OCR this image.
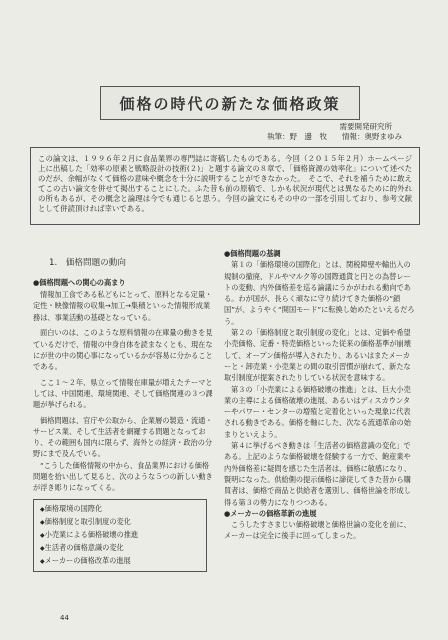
価格の時代の新たな価格政策
需要開発研究所
執筆：野　邊　牧　　情報：奥野まゆみ
この論文は、１９９６年２月に食品業界の専門誌に寄稿したものである。今回（２０１５年２月）ホームページ上に出稿した「効率の原素と戦略設計の技術(２)」と題する論文の８章で、「価格資源の効率化」について述べたのだが、余幅がなくて価格の意味や概念を十分に説明することができなかった。　そこで、それを補うために敢えてこの古い論文を併せて掲出することにした。ふた昔も前の原稿で、しかも状況が現代とは異なるために的外れの所もあるが、その概念と論理は今でも通じると思う。今回の論文にもその中の一部を引用しており、参考文献として併読頂ければ幸いである。
1.　価格問題の動向
●価格問題への関心の高まり

情報加工食である私どもにとって、原料となる定量・定性・映像情報の収集→加工→集積といった情報形成業務は、事業活動の基礎となっている。

面白いのは、このような原料情報の在庫量の動きを見ているだけで、情報の中身自体を読まなくとも、現在なにが世の中の関心事になっているかが容易に分かることである。

ここ１～２年、県立って情報在庫量が増えたテーマとしては、中国関連、環境関連、そして価格関連の３つ課題が挙げられる。

価格問題は、官庁や公取から、企業層の製造・流通・サービス業、そして生活者を網羅する問題となっており、その範囲も国内に限らず、海外との経済・政治の分野にまで及んでいる。

“こうした価格情報の中から、食品業界における価格問題を拾い出して見ると、次のような５つの新しい動きが浮き彫りになってくる。

◆ 価格環境の国際化
◆ 価格制度と取引制度の変化
◆ 小売業による価格破壊の推進
◆ 生活者の価格意識の変化
◆ メーカーの価格改革の進展
●価格問題の基調

第１の「価格環境の国際化」とは、関税障壁や輸出入の規制の撤廃、ドルやマルク等の国際通貨と円との為替レートの変動、内外価格差を巡る論議にうかがわれる動向である。わが国が、長らく頑なに守り続けてきた価格の“鎖国”が、ようやく“開国モード”に転換し始めたといえるだろう。

第２の「価格制度と取引制度の変化」とは、定価や希望小売価格、定番・特売価格といった従来の価格基準が崩壊して、オープン価格が導入されたり、あるいはまたメーカーと・卸売業・小売業との間の取引習慣が崩れて、新たな取引制度が提案されたりしている状況を意味する。

第３の「小売業による価格破壊の推進」とは、巨大小売業の主導による価格破壊の進展、あるいはディスカウンターやパワー・センターの増殖と定着化といった現象に代表される動きである。価格を軸にした、次なる流通革命の始まりといえよう。

第４に挙げるべき動きは「生活者の価格意識の変化」である。上記のような価格破壊を経験する一方で、飽産業や内外価格差に疑問を感じた生活者は、価格に敏感になり、賢明になった。供給側の提示価格に諦従してきた昔から購買者は、価格で商品と供給者を選別し、価格世論を形成し得る第３の勢力になりつつある。

●メーカーの価格革新の進展

こうしたすさまじい価格破壊と価格世論の変化を前に、メーカーは完全に後手に回ってしまった。

44
